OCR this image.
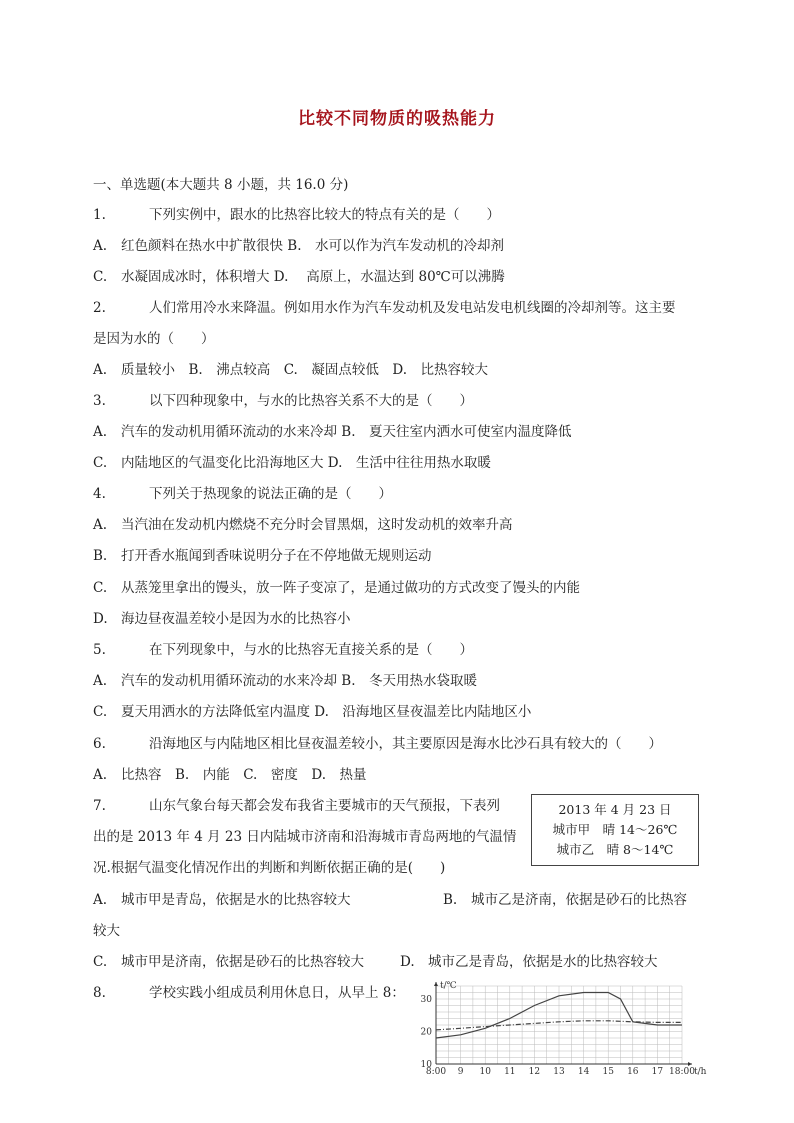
比较不同物质的吸热能力
一、单选题(本大题共 8 小题，共 16.0 分)
1.	下列实例中，跟水的比热容比较大的特点有关的是（　　）
A. 红色颜料在热水中扩散很快 B.　水可以作为汽车发动机的冷却剂
C. 水凝固成冰时，体积增大 D.　 高原上，水温达到 80℃可以沸腾
2.	人们常用冷水来降温。例如用水作为汽车发动机及发电站发电机线圈的冷却剂等。这主要
是因为水的（　　）
A. 质量较小　B.　沸点较高　C.　凝固点较低　D.　比热容较大
3.	以下四种现象中，与水的比热容关系不大的是（　　）
A. 汽车的发动机用循环流动的水来冷却 B.　夏天往室内洒水可使室内温度降低
C. 内陆地区的气温变化比沿海地区大 D.　生活中往往用热水取暖
4.	下列关于热现象的说法正确的是（　　）
A. 当汽油在发动机内燃烧不充分时会冒黑烟，这时发动机的效率升高
B. 打开香水瓶闻到香味说明分子在不停地做无规则运动
C. 从蒸笼里拿出的馒头，放一阵子变凉了，是通过做功的方式改变了馒头的内能
D. 海边昼夜温差较小是因为水的比热容小
5.	在下列现象中，与水的比热容无直接关系的是（　　）
A. 汽车的发动机用循环流动的水来冷却 B.　冬天用热水袋取暖
C. 夏天用洒水的方法降低室内温度 D.　沿海地区昼夜温差比内陆地区小
6.	沿海地区与内陆地区相比昼夜温差较小，其主要原因是海水比沙石具有较大的（　　）
A. 比热容　B.　内能　C.　密度　D.　热量
7.	山东气象台每天都会发布我省主要城市的天气预报，下表列
出的是 2013 年 4 月 23 日内陆城市济南和沿海城市青岛两地的气温情
况.根据气温变化情况作出的判断和判断依据正确的是(　　)
2013 年 4 月 23 日
城市甲　晴 14～26℃
城市乙　晴 8～14℃
A. 城市甲是青岛，依据是水的比热容较大	B. 城市乙是济南，依据是砂石的比热容
较大
C. 城市甲是济南，依据是砂石的比热容较大	D. 城市乙是青岛，依据是水的比热容较大
8.	学校实践小组成员利用休息日，从早上 8：
8:00 9 10 11 12 13 14 15 16 17 18:00
10
20
30
t/℃
t/h
